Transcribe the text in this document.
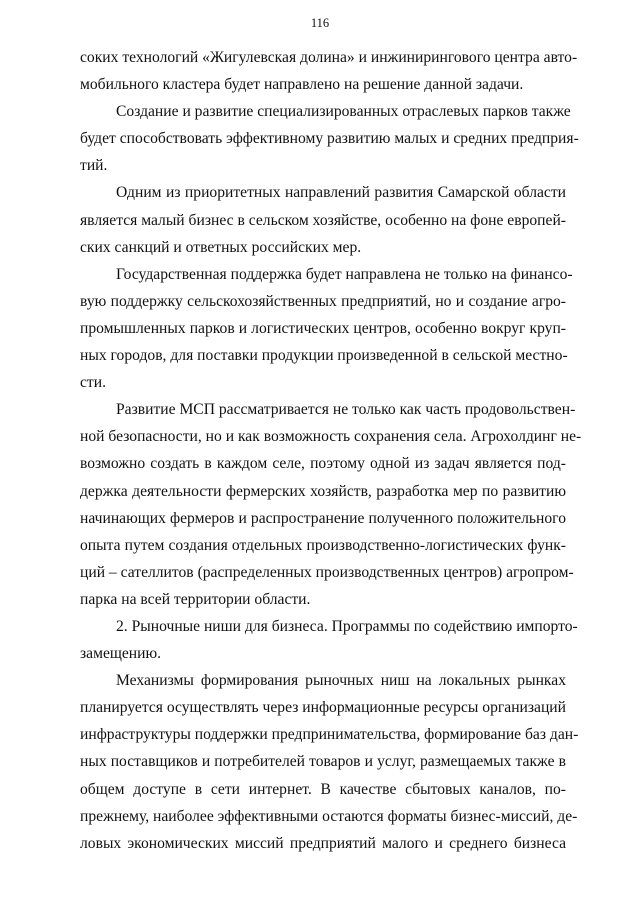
116
соких технологий «Жигулевская долина» и инжинирингового центра авто-
мобильного кластера будет направлено на решение данной задачи.
Создание и развитие специализированных отраслевых парков также
будет способствовать эффективному развитию малых и средних предприя-
тий.
Одним из приоритетных направлений развития Самарской области
является малый бизнес в сельском хозяйстве, особенно на фоне европей-
ских санкций и ответных российских мер.
Государственная поддержка будет направлена не только на финансо-
вую поддержку сельскохозяйственных предприятий, но и создание агро-
промышленных парков и логистических центров, особенно вокруг круп-
ных городов, для поставки продукции произведенной в сельской местно-
сти.
Развитие МСП рассматривается не только как часть продовольствен-
ной безопасности, но и как возможность сохранения села. Агрохолдинг не-
возможно создать в каждом селе, поэтому одной из задач является под-
держка деятельности фермерских хозяйств, разработка мер по развитию
начинающих фермеров и распространение полученного положительного
опыта путем создания отдельных производственно-логистических функ-
ций – сателлитов (распределенных производственных центров) агропром-
парка на всей территории области.
2. Рыночные ниши для бизнеса. Программы по содействию импорто-
замещению.
Механизмы формирования рыночных ниш на локальных рынках
планируется осуществлять через информационные ресурсы организаций
инфраструктуры поддержки предпринимательства, формирование баз дан-
ных поставщиков и потребителей товаров и услуг, размещаемых также в
общем доступе в сети интернет. В качестве сбытовых каналов, по-
прежнему, наиболее эффективными остаются форматы бизнес-миссий, де-
ловых экономических миссий предприятий малого и среднего бизнеса
